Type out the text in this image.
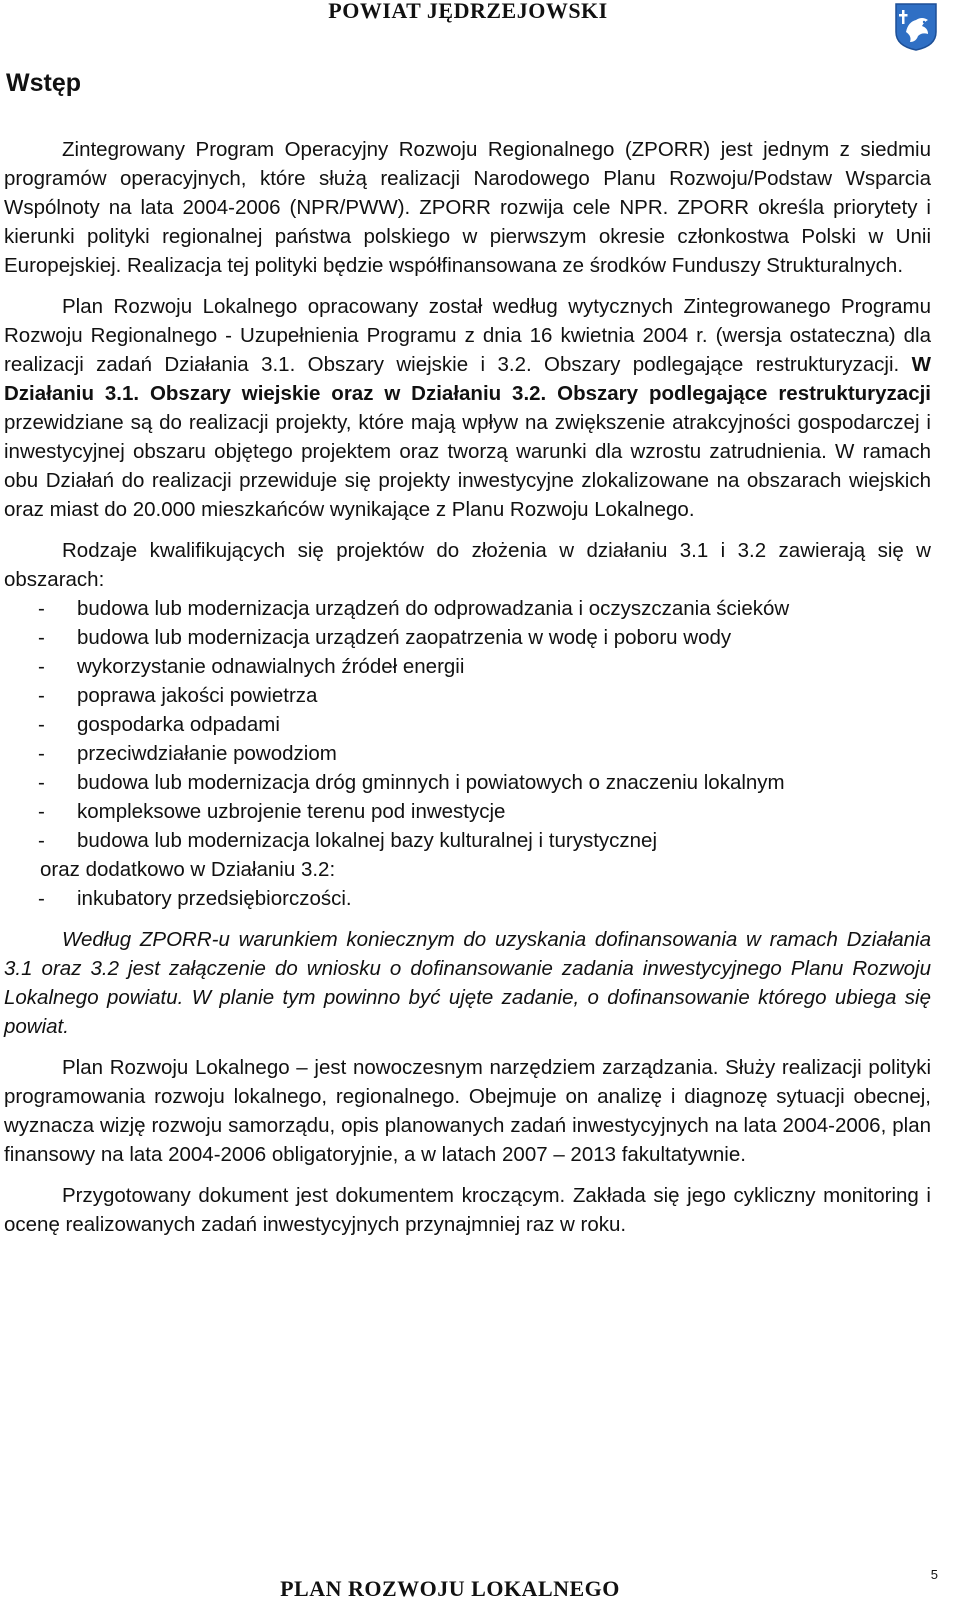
POWIAT JĘDRZEJOWSKI
Wstęp

Zintegrowany Program Operacyjny Rozwoju Regionalnego (ZPORR) jest jednym z siedmiu programów operacyjnych, które służą realizacji Narodowego Planu Rozwoju/Podstaw Wsparcia Wspólnoty na lata 2004-2006 (NPR/PWW). ZPORR rozwija cele NPR. ZPORR określa priorytety i kierunki polityki regionalnej państwa polskiego w pierwszym okresie członkostwa Polski w Unii Europejskiej. Realizacja tej polityki będzie współfinansowana ze środków Funduszy Strukturalnych.

Plan Rozwoju Lokalnego opracowany został według wytycznych Zintegrowanego Programu Rozwoju Regionalnego - Uzupełnienia Programu z dnia 16 kwietnia 2004 r. (wersja ostateczna) dla realizacji zadań Działania 3.1. Obszary wiejskie i 3.2. Obszary podlegające restrukturyzacji. W Działaniu 3.1. Obszary wiejskie oraz w Działaniu 3.2. Obszary podlegające restrukturyzacji przewidziane są do realizacji projekty, które mają wpływ na zwiększenie atrakcyjności gospodarczej i inwestycyjnej obszaru objętego projektem oraz tworzą warunki dla wzrostu zatrudnienia. W ramach obu Działań do realizacji przewiduje się projekty inwestycyjne zlokalizowane na obszarach wiejskich oraz miast do 20.000 mieszkańców wynikające z Planu Rozwoju Lokalnego.

Rodzaje kwalifikujących się projektów do złożenia w działaniu 3.1 i 3.2 zawierają się w obszarach:

- budowa lub modernizacja urządzeń do odprowadzania i oczyszczania ścieków
- budowa lub modernizacja urządzeń zaopatrzenia w wodę i poboru wody
- wykorzystanie odnawialnych źródeł energii
- poprawa jakości powietrza
- gospodarka odpadami
- przeciwdziałanie powodziom
- budowa lub modernizacja dróg gminnych i powiatowych o znaczeniu lokalnym
- kompleksowe uzbrojenie terenu pod inwestycje
- budowa lub modernizacja lokalnej bazy kulturalnej i turystycznej

oraz dodatkowo w Działaniu 3.2:

- inkubatory przedsiębiorczości.

Według ZPORR-u warunkiem koniecznym do uzyskania dofinansowania w ramach Działania 3.1 oraz 3.2 jest załączenie do wniosku o dofinansowanie zadania inwestycyjnego Planu Rozwoju Lokalnego powiatu. W planie tym powinno być ujęte zadanie, o dofinansowanie którego ubiega się powiat.

Plan Rozwoju Lokalnego – jest nowoczesnym narzędziem zarządzania. Służy realizacji polityki programowania rozwoju lokalnego, regionalnego. Obejmuje on analizę i diagnozę sytuacji obecnej, wyznacza wizję rozwoju samorządu, opis planowanych zadań inwestycyjnych na lata 2004-2006, plan finansowy na lata 2004-2006 obligatoryjnie, a w latach 2007 – 2013 fakultatywnie.

Przygotowany dokument jest dokumentem kroczącym. Zakłada się jego cykliczny monitoring i ocenę realizowanych zadań inwestycyjnych przynajmniej raz w roku.

PLAN ROZWOJU LOKALNEGO
5
